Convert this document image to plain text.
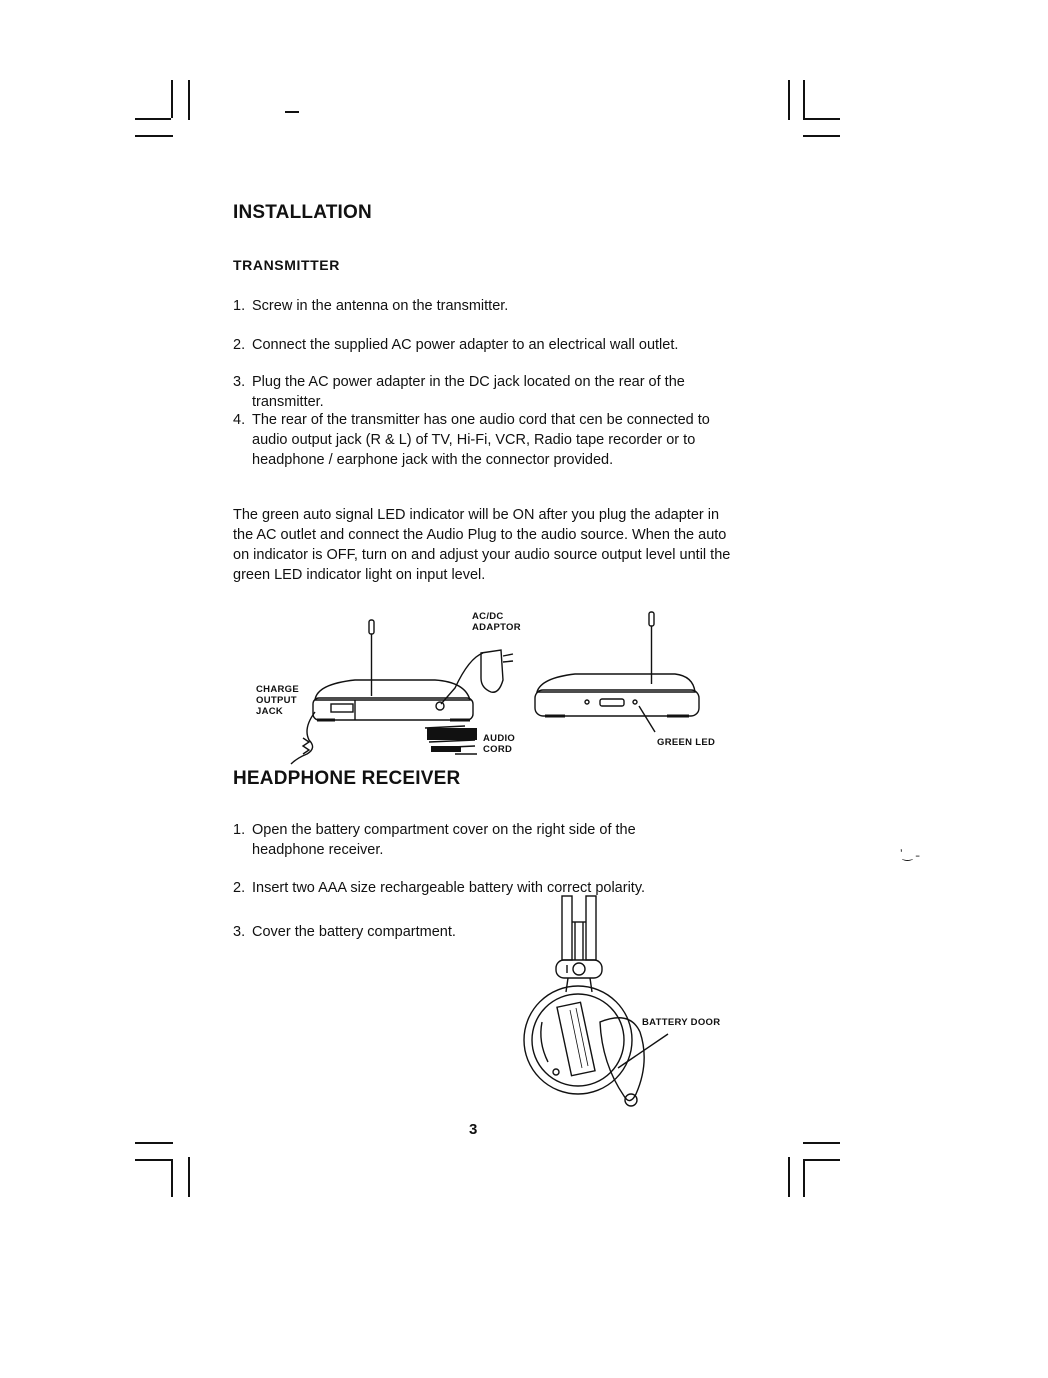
INSTALLATION
TRANSMITTER
1. Screw in the antenna on the transmitter.
2. Connect the supplied AC power adapter to an electrical wall outlet.
3. Plug the AC power adapter in the DC jack located on the rear of the transmitter.
4. The rear of the transmitter has one audio cord that cen be connected to audio output jack (R & L) of TV, Hi-Fi, VCR, Radio tape recorder or to headphone / earphone jack with the connector provided.
The green auto signal LED indicator will be ON after you plug the adapter in the AC outlet and connect the Audio Plug to the audio source. When the auto on indicator is OFF, turn on and adjust your audio source output level until the green LED indicator light on input level.
AC/DC
ADAPTOR
CHARGE
OUTPUT
JACK
AUDIO
CORD
GREEN LED
HEADPHONE RECEIVER
1. Open the battery compartment cover on the right side of the headphone receiver.
2. Insert two AAA size rechargeable battery with correct polarity.
3. Cover the battery compartment.
BATTERY DOOR
ʼ‿ ˗
3
